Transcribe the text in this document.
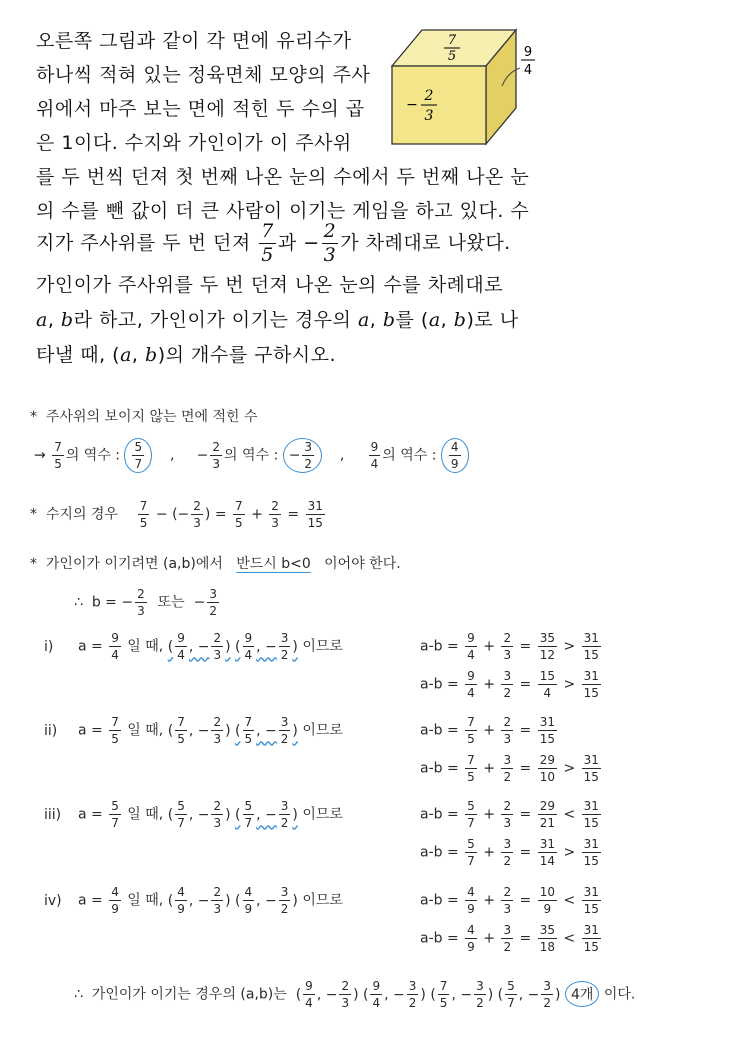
오른쪽 그림과 같이 각 면에 유리수가
하나씩 적혀 있는 정육면체 모양의 주사
위에서 마주 보는 면에 적힌 두 수의 곱
은 1이다. 수지와 가인이가 이 주사위
를 두 번씩 던져 첫 번째 나온 눈의 수에서 두 번째 나온 눈
의 수를 뺀 값이 더 큰 사람이 이기는 게임을 하고 있다. 수
지가 주사위를 두 번 던져 $\frac{7}{5}$ 과 − $\frac{2}{3}$ 가 차례대로 나왔다.
가인이가 주사위를 두 번 던져 나온 눈의 수를 차례대로
a, b라 하고, 가인이가 이기는 경우의 a, b를 (a, b)로 나
타낼 때, (a, b)의 개수를 구하시오.
7
5
−
2
3
9
4
* 주사위의 보이지 않는 면에 적힌 수
→ $\frac{7}{5}$ 의 역수 : $\frac{5}{7}$ , − $\frac{2}{3}$ 의 역수 : − $\frac{3}{2}$ , $\frac{9}{4}$ 의 역수 : $\frac{4}{9}$
* 수지의 경우 $\frac{7}{5}$ − (− $\frac{2}{3}$ ) = $\frac{7}{5} + \frac{2}{3} = \frac{31}{15}$
* 가인이가 이기려면 (a,b)에서 반드시 b<0 이어야 한다.
∴ b = − $\frac{2}{3}$ 또는 − $\frac{3}{2}$
i) $a = \frac{9}{4}$ 일 때, ( $\frac{9}{4}$ , − $\frac{2}{3}$ ) ( $\frac{9}{4}$ , − $\frac{3}{2}$ ) 이므로	$a-b = \frac{9}{4} + \frac{2}{3} = \frac{35}{12} > \frac{31}{15}$
$a-b = \frac{9}{4} + \frac{3}{2} = \frac{15}{4} > \frac{31}{15}$
ii) $a = \frac{7}{5}$ 일 때, ( $\frac{7}{5}$ , − $\frac{2}{3}$ ) ( $\frac{7}{5}$ , − $\frac{3}{2}$ ) 이므로	$a-b = \frac{7}{5} + \frac{2}{3} = \frac{31}{15}$
$a-b = \frac{7}{5} + \frac{3}{2} = \frac{29}{10} > \frac{31}{15}$
iii) $a = \frac{5}{7}$ 일 때, ( $\frac{5}{7}$ , − $\frac{2}{3}$ ) ( $\frac{5}{7}$ , − $\frac{3}{2}$ ) 이므로	$a-b = \frac{5}{7} + \frac{2}{3} = \frac{29}{21} < \frac{31}{15}$
$a-b = \frac{5}{7} + \frac{3}{2} = \frac{31}{14} > \frac{31}{15}$
iv) $a = \frac{4}{9}$ 일 때, ( $\frac{4}{9}$ , − $\frac{2}{3}$ ) ( $\frac{4}{9}$ , − $\frac{3}{2}$ ) 이므로	$a-b = \frac{4}{9} + \frac{2}{3} = \frac{10}{9} < \frac{31}{15}$
$a-b = \frac{4}{9} + \frac{3}{2} = \frac{35}{18} < \frac{31}{15}$
∴ 가인이가 이기는 경우의 (a,b)는 ( $\frac{9}{4}$ , − $\frac{2}{3}$ ) ( $\frac{9}{4}$ , − $\frac{3}{2}$ ) ( $\frac{7}{5}$ , − $\frac{3}{2}$ ) ( $\frac{5}{7}$ , − $\frac{3}{2}$ ) 4개 이다.
